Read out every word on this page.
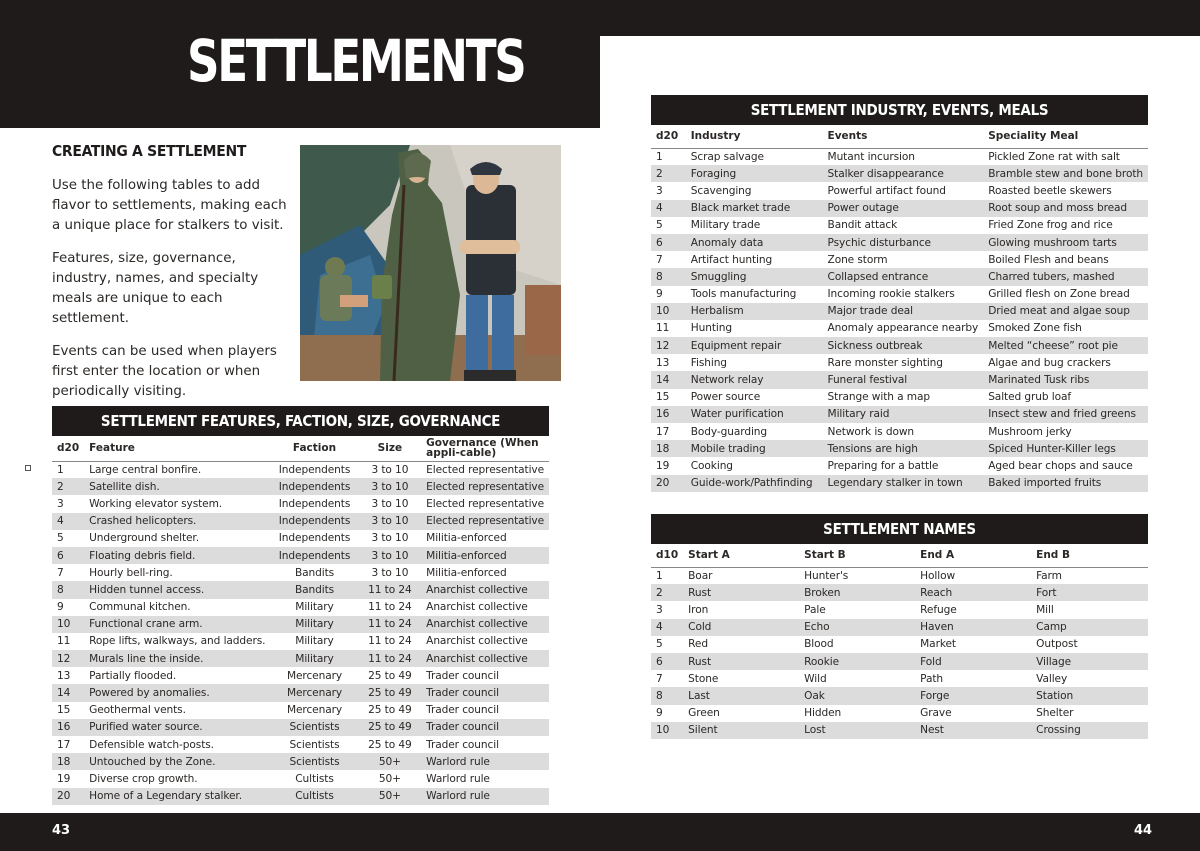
SETTLEMENTS
CREATING A SETTLEMENT

Use the following tables to add flavor to settlements, making each a unique place for stalkers to visit.

Features, size, governance, industry, names, and specialty meals are unique to each settlement.

Events can be used when players first enter the location or when periodically visiting.

SETTLEMENT FEATURES, FACTION, SIZE, GOVERNANCE
d20	Feature	Faction	Size	Governance (When appli-cable)
1	Large central bonfire.	Independents	3 to 10	Elected representative
2	Satellite dish.	Independents	3 to 10	Elected representative
3	Working elevator system.	Independents	3 to 10	Elected representative
4	Crashed helicopters.	Independents	3 to 10	Elected representative
5	Underground shelter.	Independents	3 to 10	Militia-enforced
6	Floating debris field.	Independents	3 to 10	Militia-enforced
7	Hourly bell-ring.	Bandits	3 to 10	Militia-enforced
8	Hidden tunnel access.	Bandits	11 to 24	Anarchist collective
9	Communal kitchen.	Military	11 to 24	Anarchist collective
10	Functional crane arm.	Military	11 to 24	Anarchist collective
11	Rope lifts, walkways, and ladders.	Military	11 to 24	Anarchist collective
12	Murals line the inside.	Military	11 to 24	Anarchist collective
13	Partially flooded.	Mercenary	25 to 49	Trader council
14	Powered by anomalies.	Mercenary	25 to 49	Trader council
15	Geothermal vents.	Mercenary	25 to 49	Trader council
16	Purified water source.	Scientists	25 to 49	Trader council
17	Defensible watch-posts.	Scientists	25 to 49	Trader council
18	Untouched by the Zone.	Scientists	50+	Warlord rule
19	Diverse crop growth.	Cultists	50+	Warlord rule
20	Home of a Legendary stalker.	Cultists	50+	Warlord rule
SETTLEMENT INDUSTRY, EVENTS, MEALS
d20	Industry	Events	Speciality Meal
1	Scrap salvage	Mutant incursion	Pickled Zone rat with salt
2	Foraging	Stalker disappearance	Bramble stew and bone broth
3	Scavenging	Powerful artifact found	Roasted beetle skewers
4	Black market trade	Power outage	Root soup and moss bread
5	Military trade	Bandit attack	Fried Zone frog and rice
6	Anomaly data	Psychic disturbance	Glowing mushroom tarts
7	Artifact hunting	Zone storm	Boiled Flesh and beans
8	Smuggling	Collapsed entrance	Charred tubers, mashed
9	Tools manufacturing	Incoming rookie stalkers	Grilled flesh on Zone bread
10	Herbalism	Major trade deal	Dried meat and algae soup
11	Hunting	Anomaly appearance nearby	Smoked Zone fish
12	Equipment repair	Sickness outbreak	Melted “cheese” root pie
13	Fishing	Rare monster sighting	Algae and bug crackers
14	Network relay	Funeral festival	Marinated Tusk ribs
15	Power source	Strange with a map	Salted grub loaf
16	Water purification	Military raid	Insect stew and fried greens
17	Body-guarding	Network is down	Mushroom jerky
18	Mobile trading	Tensions are high	Spiced Hunter-Killer legs
19	Cooking	Preparing for a battle	Aged bear chops and sauce
20	Guide-work/Pathfinding	Legendary stalker in town	Baked imported fruits
SETTLEMENT NAMES
d10	Start A	Start B	End A	End B
1	Boar	Hunter's	Hollow	Farm
2	Rust	Broken	Reach	Fort
3	Iron	Pale	Refuge	Mill
4	Cold	Echo	Haven	Camp
5	Red	Blood	Market	Outpost
6	Rust	Rookie	Fold	Village
7	Stone	Wild	Path	Valley
8	Last	Oak	Forge	Station
9	Green	Hidden	Grave	Shelter
10	Silent	Lost	Nest	Crossing
43	44
